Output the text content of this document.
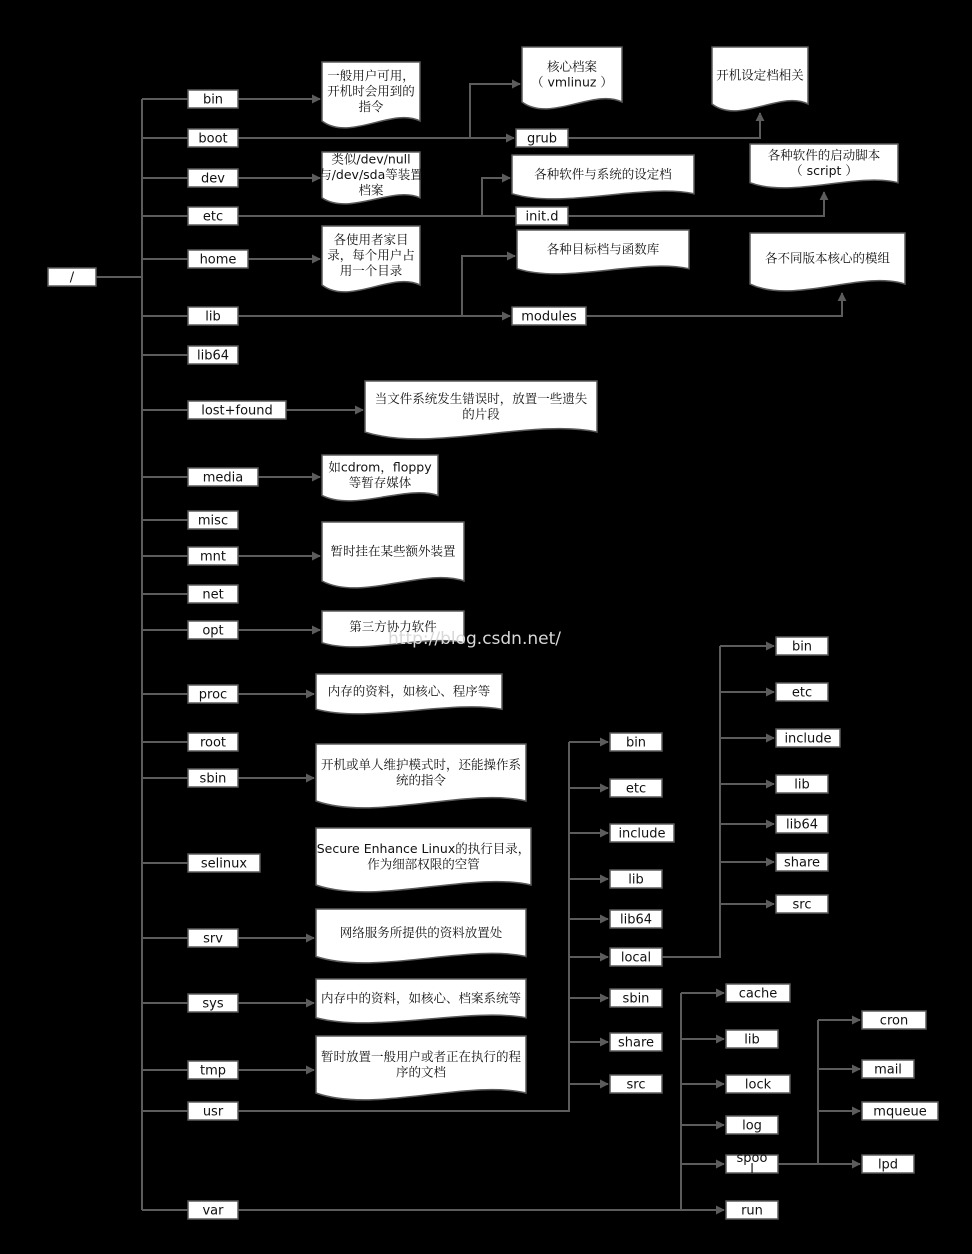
一般用户可用，
开机时会用到的
指令
类似/dev/null
与/dev/sda等装置
档案
各使用者家目
录，每个用户占
用一个目录
当文件系统发生错误时，放置一些遗失
的片段
如cdrom，floppy
等暂存媒体
暂时挂在某些额外装置
第三方协力软件
内存的资料，如核心、程序等
开机或单人维护模式时，还能操作系
统的指令
Secure Enhance Linux的执行目录，
作为细部权限的空管
网络服务所提供的资料放置处
内存中的资料，如核心、档案系统等
暂时放置一般用户或者正在执行的程
序的文档
核心档案
（ vmlinuz ）	开机设定档相关
各种软件与系统的设定档
各种软件的启动脚本
（ script ）
各种目标档与函数库
各不同版本核心的模组
/
bin
boot
dev
etc
home
lib
lib64
lost+found
media
misc
mnt
net
opt
proc
root
sbin
selinux
srv
sys
tmp
usr
var
grub
init.d
modules
bin
etc
include
lib
lib64
local
sbin
share
src
bin
etc
include
lib
lib64
share
src
cache
lib
lock
log
spoo l
run
cron
mail
mqueue
lpd
http://blog.csdn.net/
